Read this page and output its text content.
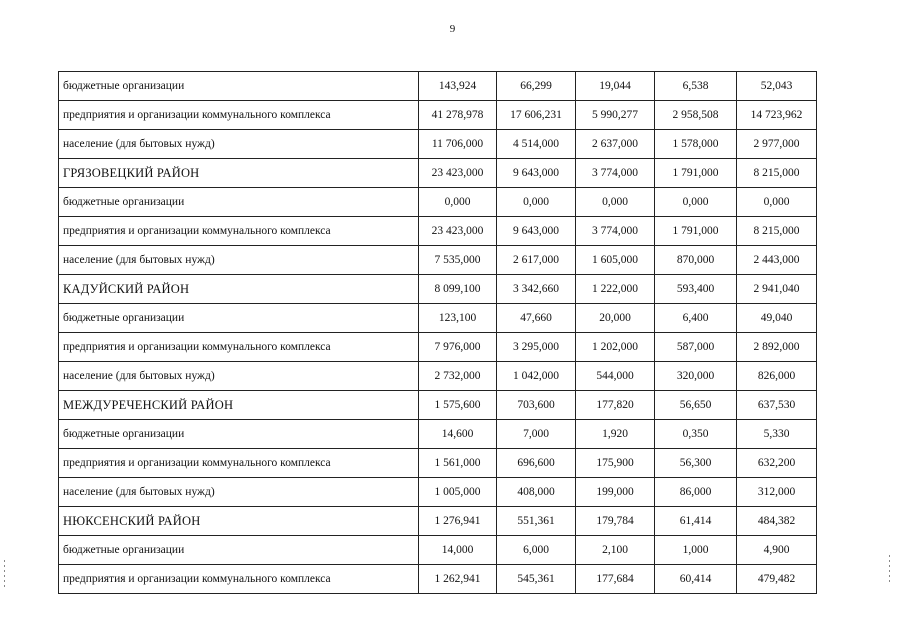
9
бюджетные организации	143,924	66,299	19,044	6,538	52,043
предприятия и организации коммунального комплекса	41 278,978	17 606,231	5 990,277	2 958,508	14 723,962
население (для бытовых нужд)	11 706,000	4 514,000	2 637,000	1 578,000	2 977,000
ГРЯЗОВЕЦКИЙ РАЙОН	23 423,000	9 643,000	3 774,000	1 791,000	8 215,000
бюджетные организации	0,000	0,000	0,000	0,000	0,000
предприятия и организации коммунального комплекса	23 423,000	9 643,000	3 774,000	1 791,000	8 215,000
население (для бытовых нужд)	7 535,000	2 617,000	1 605,000	870,000	2 443,000
КАДУЙСКИЙ РАЙОН	8 099,100	3 342,660	1 222,000	593,400	2 941,040
бюджетные организации	123,100	47,660	20,000	6,400	49,040
предприятия и организации коммунального комплекса	7 976,000	3 295,000	1 202,000	587,000	2 892,000
население (для бытовых нужд)	2 732,000	1 042,000	544,000	320,000	826,000
МЕЖДУРЕЧЕНСКИЙ РАЙОН	1 575,600	703,600	177,820	56,650	637,530
бюджетные организации	14,600	7,000	1,920	0,350	5,330
предприятия и организации коммунального комплекса	1 561,000	696,600	175,900	56,300	632,200
население (для бытовых нужд)	1 005,000	408,000	199,000	86,000	312,000
НЮКСЕНСКИЙ РАЙОН	1 276,941	551,361	179,784	61,414	484,382
бюджетные организации	14,000	6,000	2,100	1,000	4,900
предприятия и организации коммунального комплекса	1 262,941	545,361	177,684	60,414	479,482
